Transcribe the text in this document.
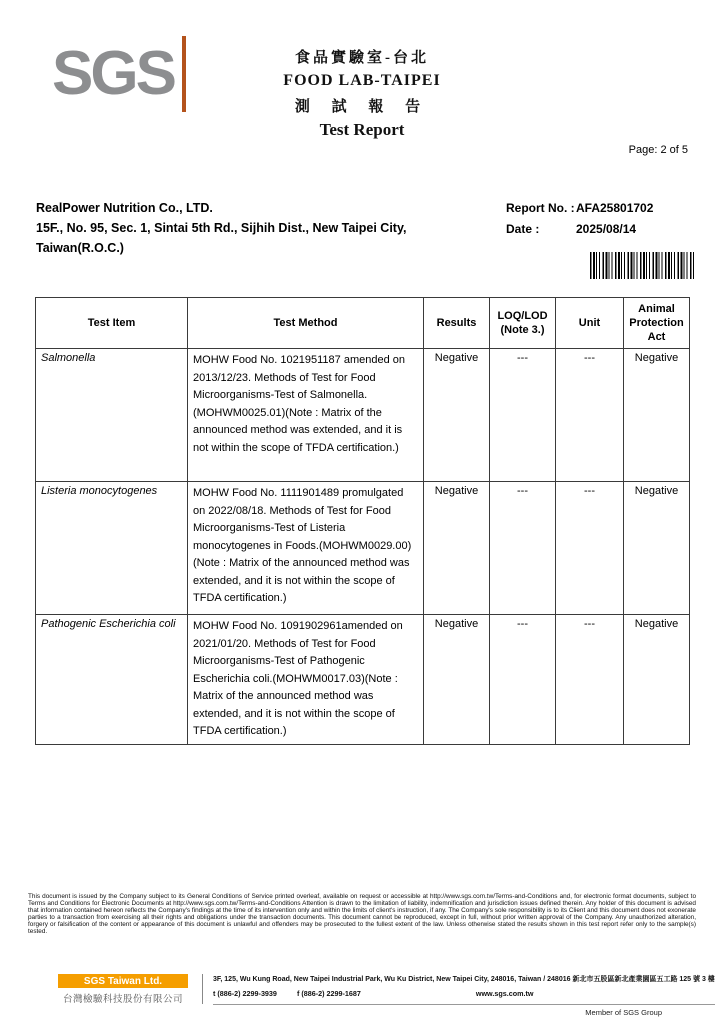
SGS	食品實驗室-台北
FOOD LAB-TAIPEI
測 試 報 告
Test Report
Page: 2 of 5
RealPower Nutrition Co., LTD.
15F., No. 95, Sec. 1, Sintai 5th Rd., Sijhih Dist., New Taipei City,
Taiwan(R.O.C.)
Report No. : AFA25801702
Date :	2025/08/14
Test Item	Test Method	Results	LOQ/LOD (Note 3.)	Unit	Animal Protection Act
Salmonella	MOHW Food No. 1021951187 amended on 2013/12/23. Methods of Test for Food Microorganisms-Test of Salmonella.(MOHWM0025.01)(Note : Matrix of the announced method was extended, and it is not within the scope of TFDA certification.)	Negative	---	---	Negative
Listeria monocytogenes	MOHW Food No. 1111901489 promulgated on 2022/08/18. Methods of Test for Food Microorganisms-Test of Listeria monocytogenes in Foods.(MOHWM0029.00)(Note : Matrix of the announced method was extended, and it is not within the scope of TFDA certification.)	Negative	---	---	Negative
Pathogenic Escherichia coli	MOHW Food No. 1091902961amended on 2021/01/20. Methods of Test for Food Microorganisms-Test of Pathogenic Escherichia coli.(MOHWM0017.03)(Note : Matrix of the announced method was extended, and it is not within the scope of TFDA certification.)	Negative	---	---	Negative
This document is issued by the Company subject to its General Conditions of Service printed overleaf, available on request or accessible at http://www.sgs.com.tw/Terms-and-Conditions and, for electronic format documents, subject to Terms and Conditions for Electronic Documents at http://www.sgs.com.tw/Terms-and-Conditions Attention is drawn to the limitation of liability, indemnification and jurisdiction issues defined therein. Any holder of this document is advised that information contained hereon reflects the Company's findings at the time of its intervention only and within the limits of client's instruction, if any. The Company's sole responsibility is to its Client and this document does not exonerate parties to a transaction from exercising all their rights and obligations under the transaction documents. This document cannot be reproduced, except in full, without prior written approval of the Company. Any unauthorized alteration, forgery or falsification of the content or appearance of this document is unlawful and offenders may be prosecuted to the fullest extent of the law. Unless otherwise stated the results shown in this test report refer only to the sample(s) tested.
SGS Taiwan Ltd.
台灣檢驗科技股份有限公司
3F, 125, Wu Kung Road, New Taipei Industrial Park, Wu Ku District, New Taipei City, 248016, Taiwan / 248016 新北市五股區新北產業園區五工路 125 號 3 樓
t (886-2) 2299-3939	f (886-2) 2299-1687	www.sgs.com.tw
Member of SGS Group
